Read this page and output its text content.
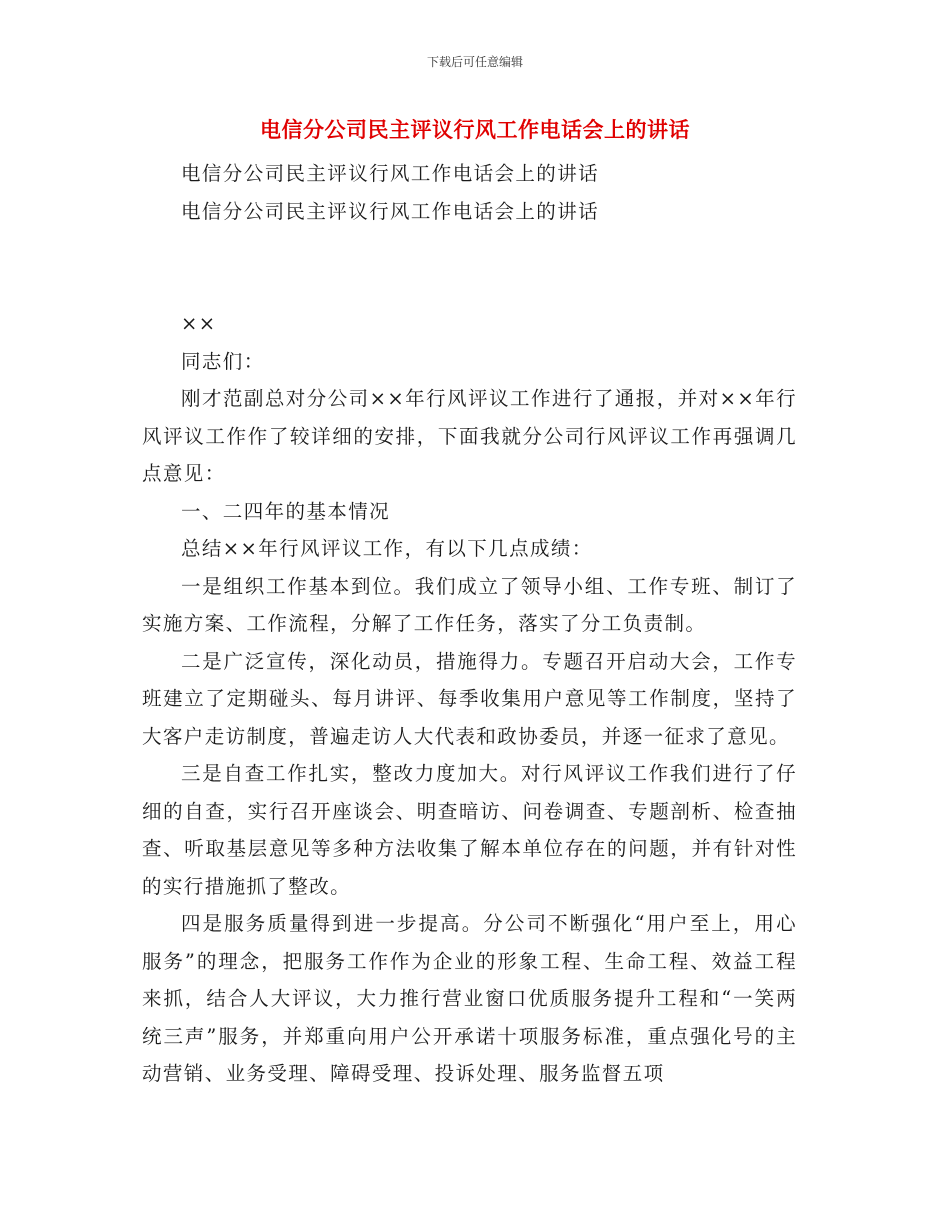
下载后可任意编辑
电信分公司民主评议行风工作电话会上的讲话

电信分公司民主评议行风工作电话会上的讲话

电信分公司民主评议行风工作电话会上的讲话

××

同志们：

刚才范副总对分公司××年行风评议工作进行了通报，并对××年行风评议工作作了较详细的安排，下面我就分公司行风评议工作再强调几点意见：

一、二四年的基本情况

总结××年行风评议工作，有以下几点成绩：

一是组织工作基本到位。我们成立了领导小组、工作专班、制订了实施方案、工作流程，分解了工作任务，落实了分工负责制。

二是广泛宣传，深化动员，措施得力。专题召开启动大会，工作专班建立了定期碰头、每月讲评、每季收集用户意见等工作制度，坚持了大客户走访制度，普遍走访人大代表和政协委员，并逐一征求了意见。

三是自查工作扎实，整改力度加大。对行风评议工作我们进行了仔细的自查，实行召开座谈会、明查暗访、问卷调查、专题剖析、检查抽查、听取基层意见等多种方法收集了解本单位存在的问题，并有针对性的实行措施抓了整改。

四是服务质量得到进一步提高。分公司不断强化“用户至上，用心服务”的理念，把服务工作作为企业的形象工程、生命工程、效益工程来抓，结合人大评议，大力推行营业窗口优质服务提升工程和“一笑两统三声”服务，并郑重向用户公开承诺十项服务标准，重点强化号的主动营销、业务受理、障碍受理、投诉处理、服务监督五项
